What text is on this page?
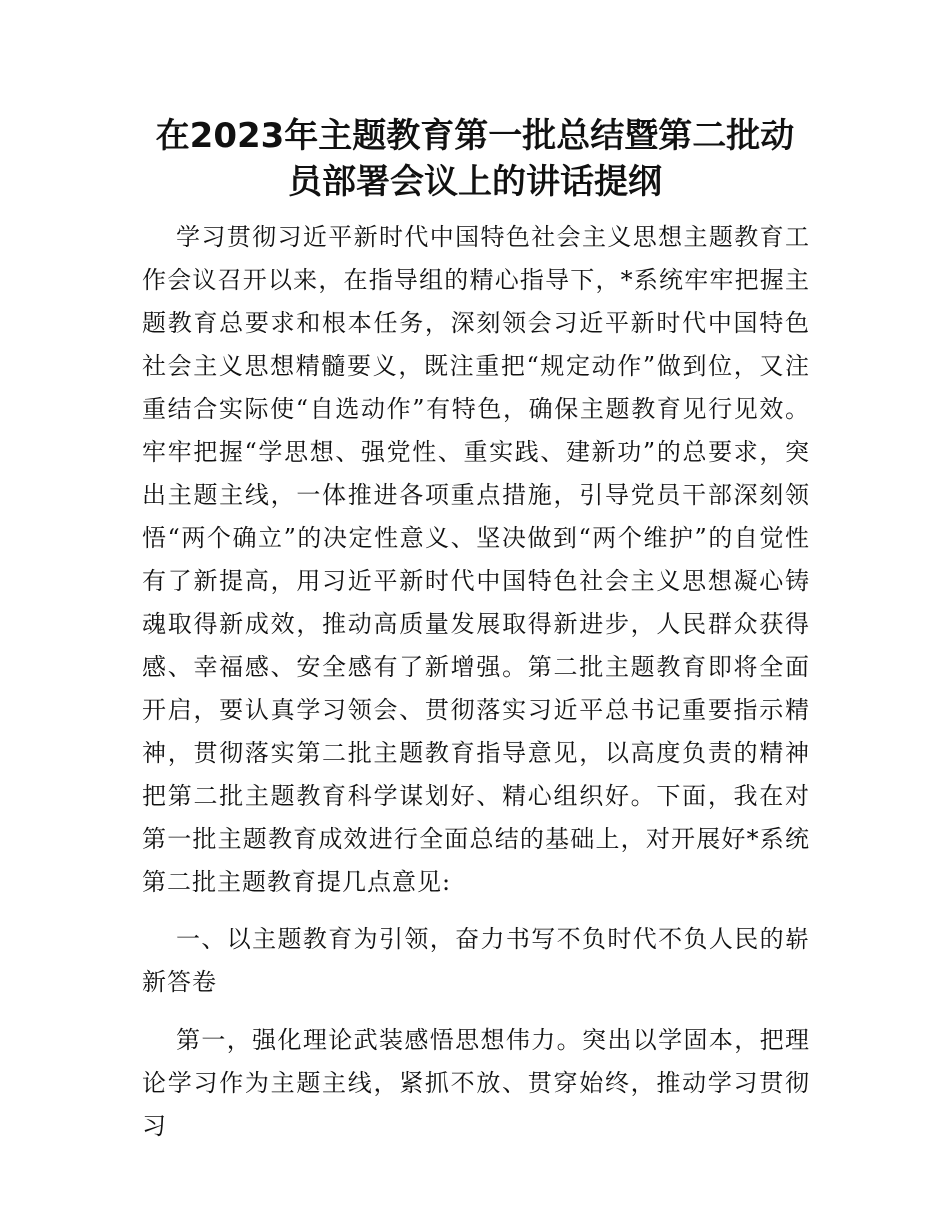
在2023年主题教育第一批总结暨第二批动员部署会议上的讲话提纲

学习贯彻习近平新时代中国特色社会主义思想主题教育工作会议召开以来，在指导组的精心指导下，*系统牢牢把握主题教育总要求和根本任务，深刻领会习近平新时代中国特色社会主义思想精髓要义，既注重把“规定动作”做到位，又注重结合实际使“自选动作”有特色，确保主题教育见行见效。牢牢把握“学思想、强党性、重实践、建新功”的总要求，突出主题主线，一体推进各项重点措施，引导党员干部深刻领悟“两个确立”的决定性意义、坚决做到“两个维护”的自觉性有了新提高，用习近平新时代中国特色社会主义思想凝心铸魂取得新成效，推动高质量发展取得新进步，人民群众获得感、幸福感、安全感有了新增强。第二批主题教育即将全面开启，要认真学习领会、贯彻落实习近平总书记重要指示精神，贯彻落实第二批主题教育指导意见，以高度负责的精神把第二批主题教育科学谋划好、精心组织好。下面，我在对第一批主题教育成效进行全面总结的基础上，对开展好*系统第二批主题教育提几点意见:

一、以主题教育为引领，奋力书写不负时代不负人民的崭新答卷

第一，强化理论武装感悟思想伟力。突出以学固本，把理论学习作为主题主线，紧抓不放、贯穿始终，推动学习贯彻习
